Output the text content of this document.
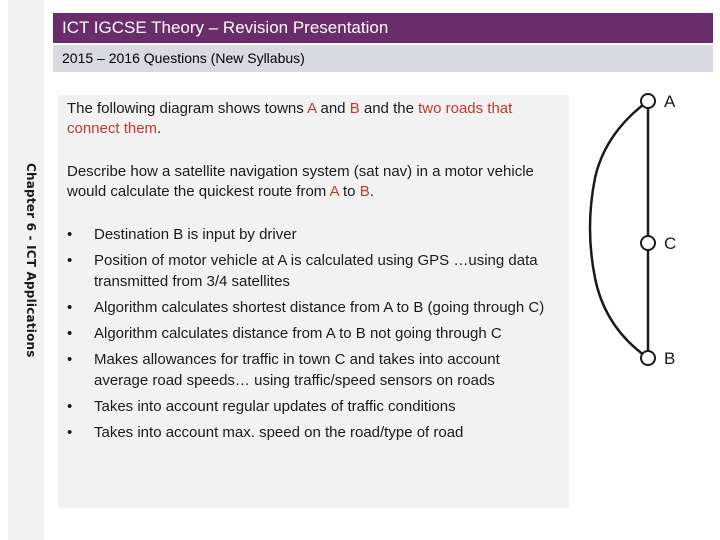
Chapter 6 - ICT Applications
ICT IGCSE Theory – Revision Presentation
2015 – 2016 Questions (New Syllabus)

The following diagram shows towns A and B and the two roads that connect them.

Describe how a satellite navigation system (sat nav) in a motor vehicle would calculate the quickest route from A to B.

•	Destination B is input by driver
•	Position of motor vehicle at A is calculated using GPS …using data transmitted from 3/4 satellites
•	Algorithm calculates shortest distance from A to B (going through C)
•	Algorithm calculates distance from A to B not going through C
•	Makes allowances for traffic in town C and takes into account average road speeds… using traffic/speed sensors on roads
•	Takes into account regular updates of traffic conditions
•	Takes into account max. speed on the road/type of road
A
C
B
